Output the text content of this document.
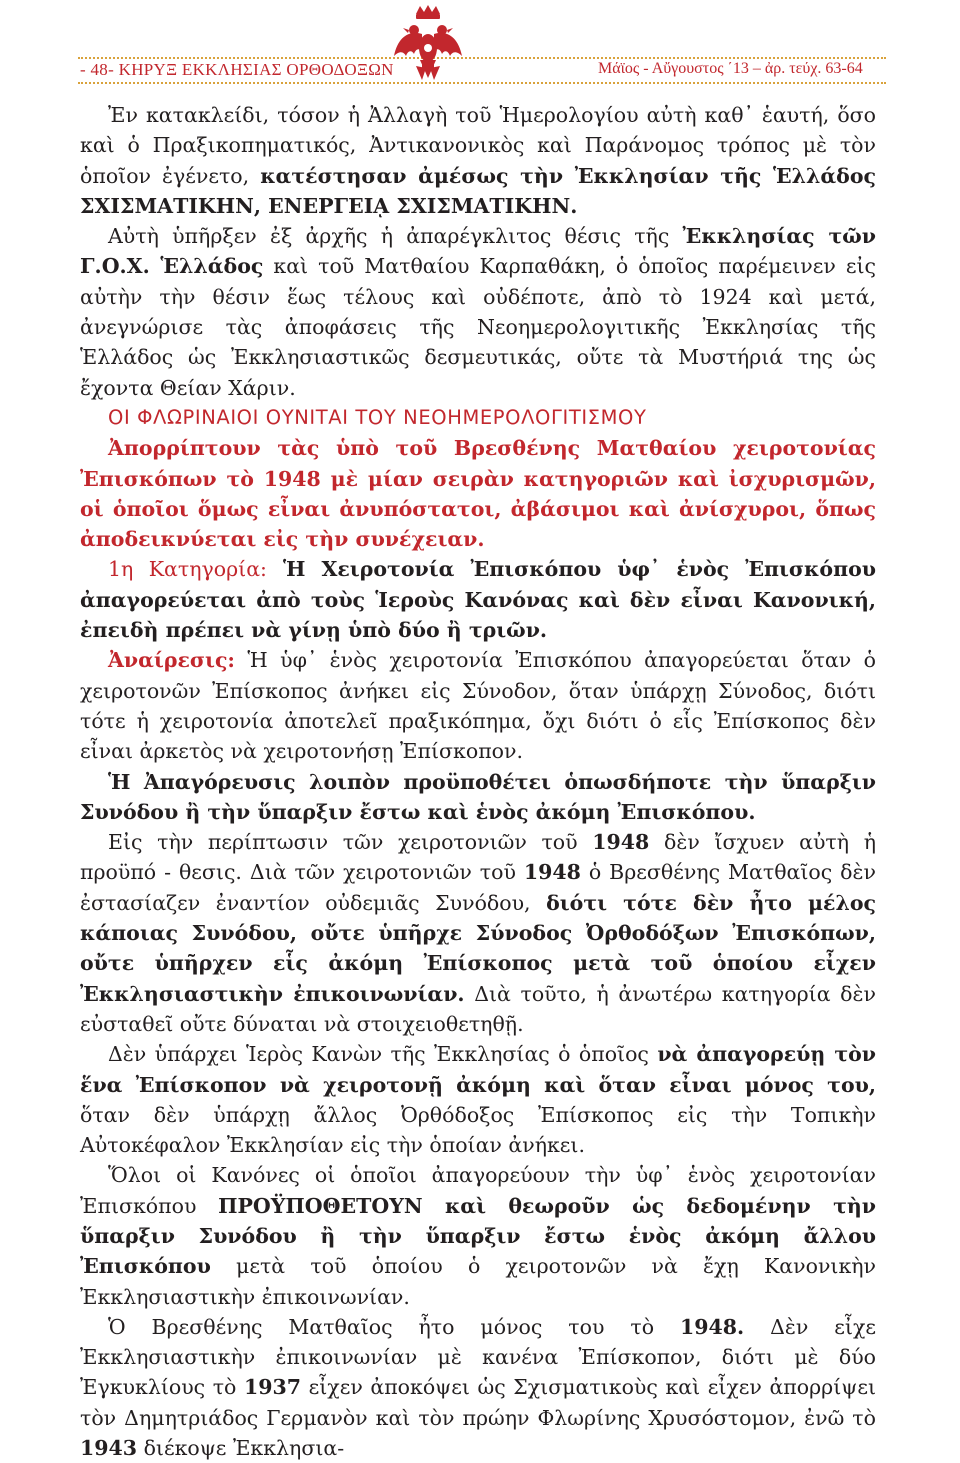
- 48- ΚΗΡΥΞ ΕΚΚΛΗΣΙΑΣ ΟΡΘΟΔΟΞΩΝ	Μάϊος - Αὔγουστος ΄13 – ἀρ. τεύχ. 63-64

Ἐν κατακλείδι, τόσον ἡ Ἀλλαγὴ τοῦ Ἡμερολογίου αὐτὴ καθ᾽ ἑαυτή, ὅσο καὶ ὁ Πραξικοπηματικός, Ἀντικανονικὸς καὶ Παράνομος τρόπος μὲ τὸν ὁποῖον ἐγένετο, κατέστησαν ἀμέσως τὴν Ἐκκλησίαν τῆς Ἑλλάδος ΣΧΙΣΜΑΤΙΚΗΝ, ΕΝΕΡΓΕΙᾼ ΣΧΙΣΜΑΤΙΚΗΝ.

Αὐτὴ ὑπῆρξεν ἐξ ἀρχῆς ἡ ἀπαρέγκλιτος θέσις τῆς Ἐκκλησίας τῶν Γ.Ο.Χ. Ἑλλάδος καὶ τοῦ Ματθαίου Καρπαθάκη, ὁ ὁποῖος παρέμεινεν εἰς αὐτὴν τὴν θέσιν ἕως τέλους καὶ οὐδέποτε, ἀπὸ τὸ 1924 καὶ μετά, ἀνεγνώρισε τὰς ἀποφάσεις τῆς Νεοημερολογιτικῆς Ἐκκλησίας τῆς Ἑλλάδος ὡς Ἐκκλησιαστικῶς δεσμευτικάς, οὔτε τὰ Μυστήριά της ὡς ἔχοντα Θείαν Χάριν.

ΟΙ ΦΛΩΡΙΝΑΙΟΙ ΟΥΝΙΤΑΙ ΤΟΥ ΝΕΟΗΜΕΡΟΛΟΓΙΤΙΣΜΟΥ

Ἀπορρίπτουν τὰς ὑπὸ τοῦ Βρεσθένης Ματθαίου χειροτονίας Ἐπισκόπων τὸ 1948 μὲ μίαν σειρὰν κατηγοριῶν καὶ ἰσχυρισμῶν, οἱ ὁποῖοι ὅμως εἶναι ἀνυπόστατοι, ἀβάσιμοι καὶ ἀνίσχυροι, ὅπως ἀποδεικνύεται εἰς τὴν συνέχειαν.

1η Κατηγορία: Ἡ Χειροτονία Ἐπισκόπου ὑφ᾽ ἑνὸς Ἐπισκόπου ἀπαγορεύεται ἀπὸ τοὺς Ἱεροὺς Κανόνας καὶ δὲν εἶναι Κανονική, ἐπειδὴ πρέπει νὰ γίνῃ ὑπὸ δύο ἢ τριῶν.

Ἀναίρεσις: Ἡ ὑφ᾽ ἑνὸς χειροτονία Ἐπισκόπου ἀπαγορεύεται ὅταν ὁ χειροτονῶν Ἐπίσκοπος ἀνήκει εἰς Σύνοδον, ὅταν ὑπάρχῃ Σύνοδος, διότι τότε ἡ χειροτονία ἀποτελεῖ πραξικόπημα, ὄχι διότι ὁ εἷς Ἐπίσκοπος δὲν εἶναι ἀρκετὸς νὰ χειροτονήσῃ Ἐπίσκοπον.

Ἡ Ἀπαγόρευσις λοιπὸν προϋποθέτει ὁπωσδήποτε τὴν ὕπαρξιν Συνόδου ἢ τὴν ὕπαρξιν ἔστω καὶ ἑνὸς ἀκόμη Ἐπισκόπου.

Εἰς τὴν περίπτωσιν τῶν χειροτονιῶν τοῦ 1948 δὲν ἴσχυεν αὐτὴ ἡ προϋπό - θεσις. Διὰ τῶν χειροτονιῶν τοῦ 1948 ὁ Βρεσθένης Ματθαῖος δὲν ἐστασίαζεν ἐναντίον οὐδεμιᾶς Συνόδου, διότι τότε δὲν ἦτο μέλος κάποιας Συνόδου, οὔτε ὑπῆρχε Σύνοδος Ὀρθοδόξων Ἐπισκόπων, οὔτε ὑπῆρχεν εἷς ἀκόμη Ἐπίσκοπος μετὰ τοῦ ὁποίου εἶχεν Ἐκκλησιαστικὴν ἐπικοινωνίαν. Διὰ τοῦτο, ἡ ἀνωτέρω κατηγορία δὲν εὐσταθεῖ οὔτε δύναται νὰ στοιχειοθετηθῇ.

Δὲν ὑπάρχει Ἱερὸς Κανὼν τῆς Ἐκκλησίας ὁ ὁποῖος νὰ ἀπαγορεύῃ τὸν ἕνα Ἐπίσκοπον νὰ χειροτονῇ ἀκόμη καὶ ὅταν εἶναι μόνος του, ὅταν δὲν ὑπάρχῃ ἄλλος Ὀρθόδοξος Ἐπίσκοπος εἰς τὴν Τοπικὴν Αὐτοκέφαλον Ἐκκλησίαν εἰς τὴν ὁποίαν ἀνήκει.

Ὅλοι οἱ Κανόνες οἱ ὁποῖοι ἀπαγορεύουν τὴν ὑφ᾽ ἑνὸς χειροτονίαν Ἐπισκόπου ΠΡΟΫΠΟΘΕΤΟΥΝ καὶ θεωροῦν ὡς δεδομένην τὴν ὕπαρξιν Συνόδου ἢ τὴν ὕπαρξιν ἔστω ἑνὸς ἀκόμη ἄλλου Ἐπισκόπου μετὰ τοῦ ὁποίου ὁ χειροτονῶν νὰ ἔχῃ Κανονικὴν Ἐκκλησιαστικὴν ἐπικοινωνίαν.

Ὁ Βρεσθένης Ματθαῖος ἦτο μόνος του τὸ 1948. Δὲν εἶχε Ἐκκλησιαστικὴν ἐπικοινωνίαν μὲ κανένα Ἐπίσκοπον, διότι μὲ δύο Ἐγκυκλίους τὸ 1937 εἶχεν ἀποκόψει ὡς Σχισματικοὺς καὶ εἶχεν ἀπορρίψει τὸν Δημητριάδος Γερμανὸν καὶ τὸν πρώην Φλωρίνης Χρυσόστομον, ἐνῶ τὸ 1943 διέκοψε Ἐκκλησια-
